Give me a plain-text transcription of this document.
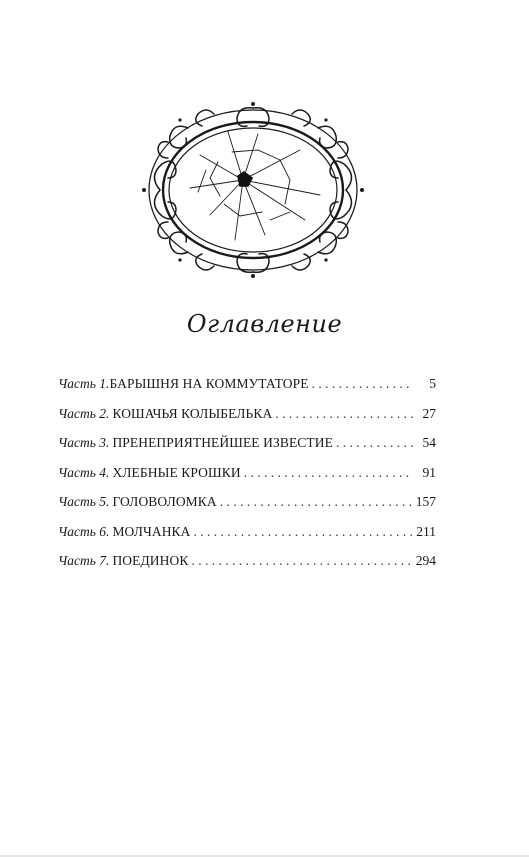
Оглавление
Часть 1. БАРЫШНЯ НА КОММУТАТОРЕ . . .	5
Часть 2. КОШАЧЬЯ КОЛЫБЕЛЬКА . . .	27
Часть 3. ПРЕНЕПРИЯТНЕЙШЕЕ ИЗВЕСТИЕ . . .	54
Часть 4. ХЛЕБНЫЕ КРОШКИ . . .	91
Часть 5. ГОЛОВОЛОМКА . . .	157
Часть 6. МОЛЧАНКА . . .	211
Часть 7. ПОЕДИНОК . . .	294
